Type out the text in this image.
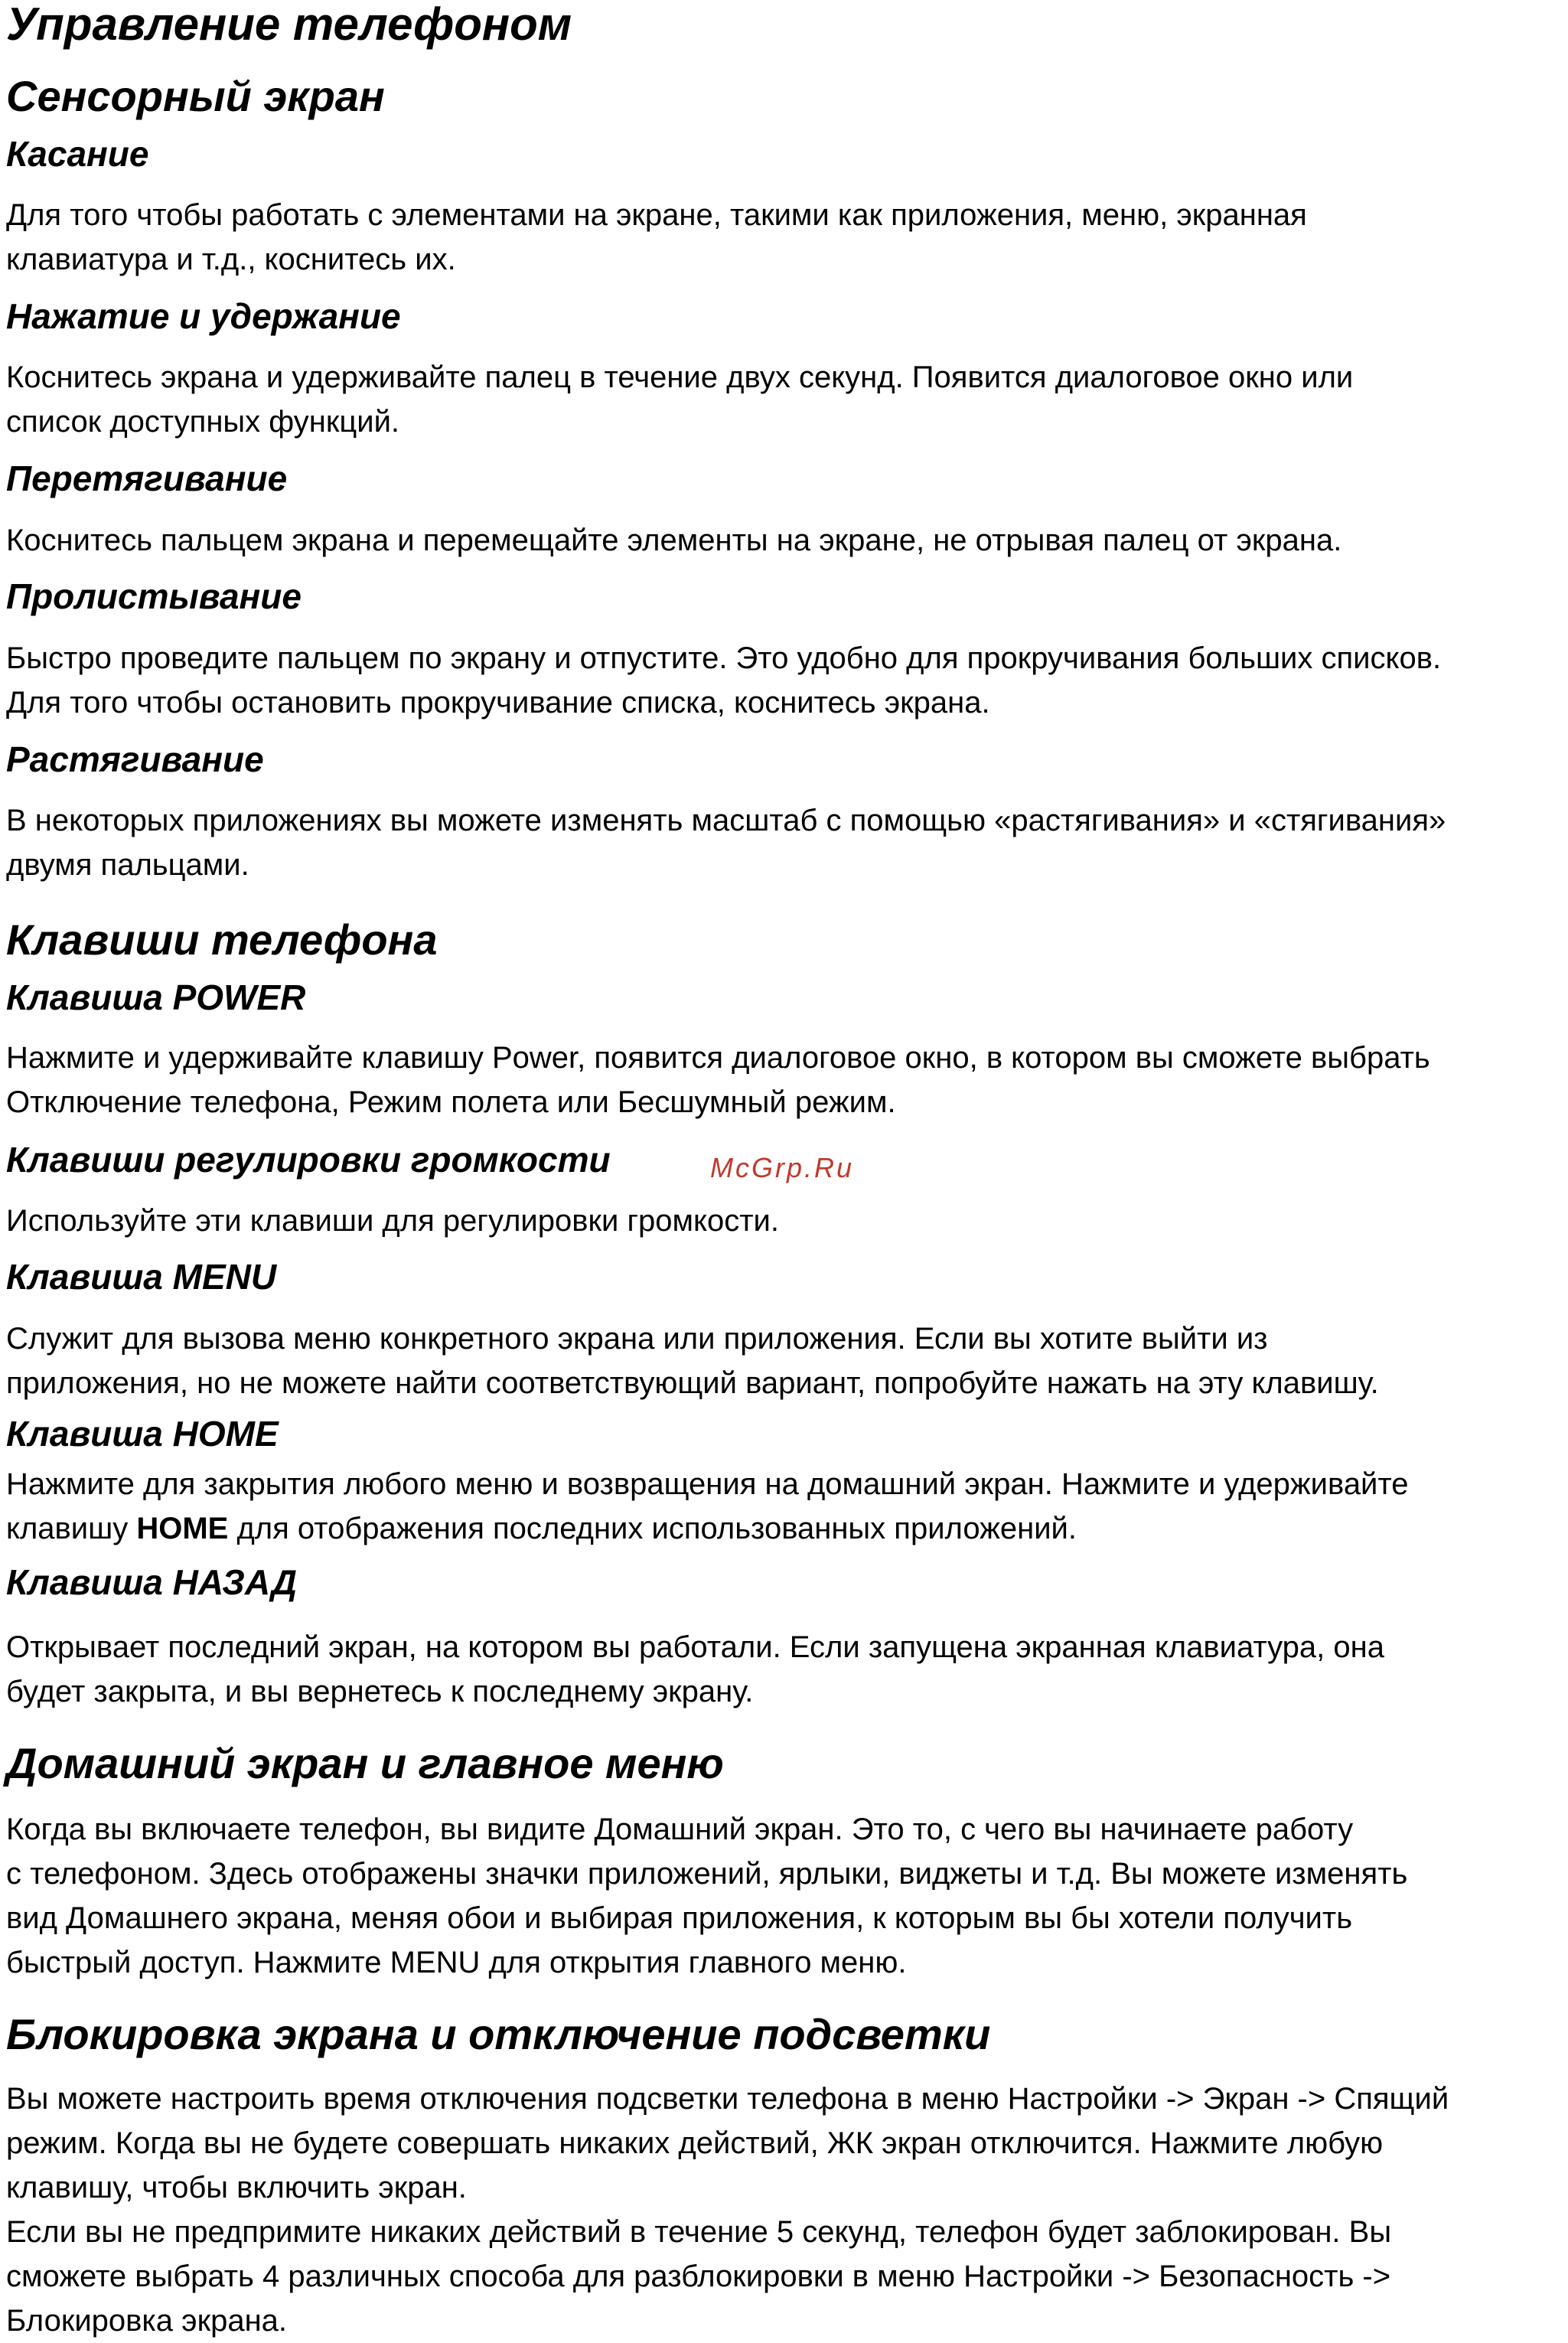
Управление телефоном
Сенсорный экран
Касание
Для того чтобы работать с элементами на экране, такими как приложения, меню, экранная
клавиатура и т.д., коснитесь их.
Нажатие и удержание
Коснитесь экрана и удерживайте палец в течение двух секунд. Появится диалоговое окно или
список доступных функций.
Перетягивание
Коснитесь пальцем экрана и перемещайте элементы на экране, не отрывая палец от экрана.
Пролистывание
Быстро проведите пальцем по экрану и отпустите. Это удобно для прокручивания больших списков.
Для того чтобы остановить прокручивание списка, коснитесь экрана.
Растягивание
В некоторых приложениях вы можете изменять масштаб с помощью «растягивания» и «стягивания»
двумя пальцами.
Клавиши телефона
Клавиша POWER
Нажмите и удерживайте клавишу Power, появится диалоговое окно, в котором вы сможете выбрать
Отключение телефона, Режим полета или Бесшумный режим.
Клавиши регулировки громкости	McGrp.Ru
Используйте эти клавиши для регулировки громкости.
Клавиша MENU
Служит для вызова меню конкретного экрана или приложения. Если вы хотите выйти из
приложения, но не можете найти соответствующий вариант, попробуйте нажать на эту клавишу.
Клавиша HOME
Нажмите для закрытия любого меню и возвращения на домашний экран. Нажмите и удерживайте
клавишу HOME для отображения последних использованных приложений.
Клавиша НАЗАД
Открывает последний экран, на котором вы работали. Если запущена экранная клавиатура, она
будет закрыта, и вы вернетесь к последнему экрану.
Домашний экран и главное меню
Когда вы включаете телефон, вы видите Домашний экран. Это то, с чего вы начинаете работу
с телефоном. Здесь отображены значки приложений, ярлыки, виджеты и т.д. Вы можете изменять
вид Домашнего экрана, меняя обои и выбирая приложения, к которым вы бы хотели получить
быстрый доступ. Нажмите MENU для открытия главного меню.
Блокировка экрана и отключение подсветки
Вы можете настроить время отключения подсветки телефона в меню Настройки -> Экран -> Спящий
режим. Когда вы не будете совершать никаких действий, ЖК экран отключится. Нажмите любую
клавишу, чтобы включить экран.
Если вы не предпримите никаких действий в течение 5 секунд, телефон будет заблокирован. Вы
сможете выбрать 4 различных способа для разблокировки в меню Настройки -> Безопасность ->
Блокировка экрана.
